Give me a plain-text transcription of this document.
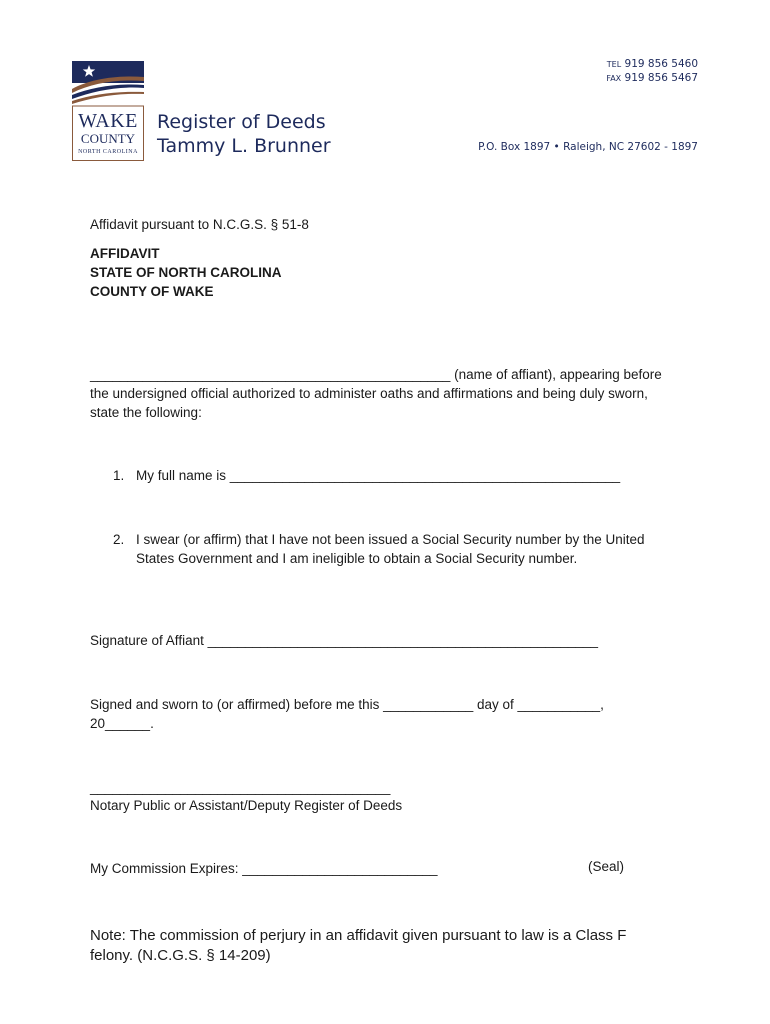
WAKE
COUNTY
NORTH CAROLINA
Register of Deeds
Tammy L. Brunner
TEL 919 856 5460
FAX 919 856 5467
P.O. Box 1897 • Raleigh, NC 27602 - 1897
Affidavit pursuant to N.C.G.S. § 51-8
AFFIDAVIT
STATE OF NORTH CAROLINA
COUNTY OF WAKE
________________________________________________ (name of affiant), appearing before the undersigned official authorized to administer oaths and affirmations and being duly sworn, state the following:
1. My full name is ____________________________________________________
2. I swear (or affirm) that I have not been issued a Social Security number by the United States Government and I am ineligible to obtain a Social Security number.
Signature of Affiant ____________________________________________________
Signed and sworn to (or affirmed) before me this ____________ day of ___________, 20______.
________________________________________
Notary Public or Assistant/Deputy Register of Deeds
My Commission Expires: __________________________	(Seal)
Note: The commission of perjury in an affidavit given pursuant to law is a Class F felony. (N.C.G.S. § 14-209)
